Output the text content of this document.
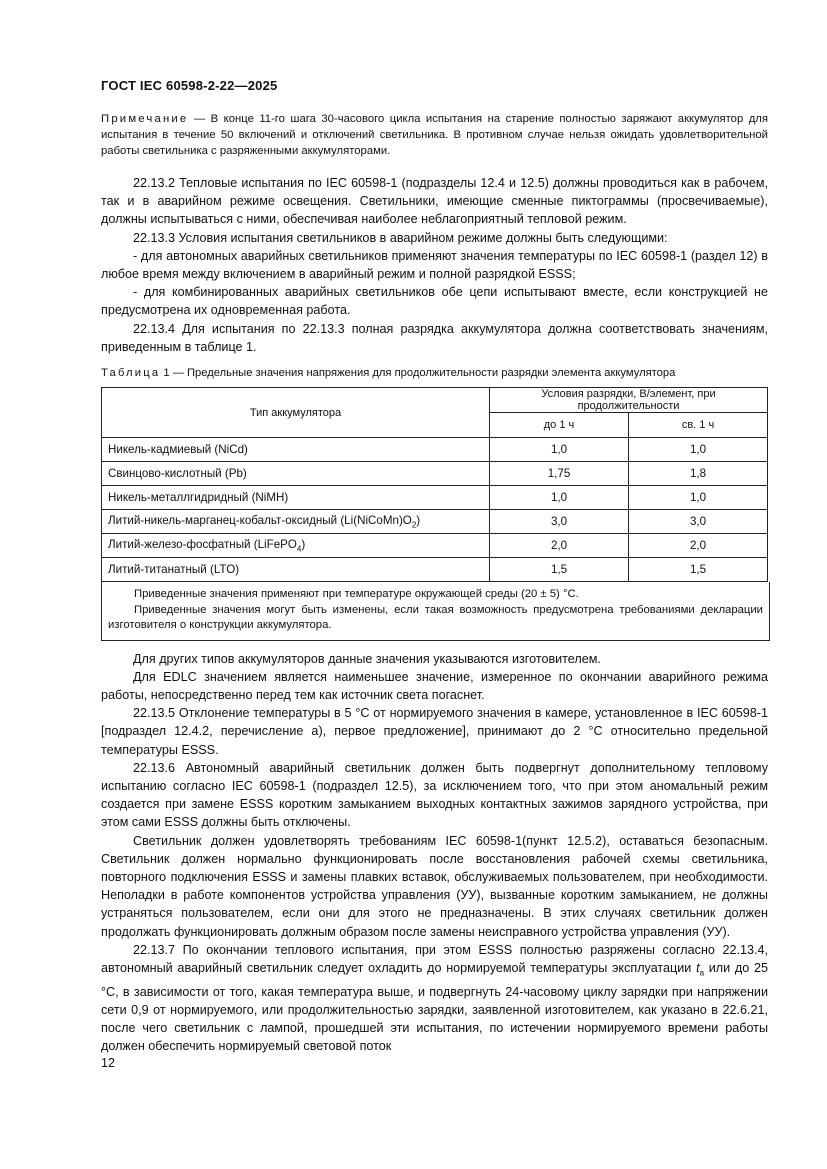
ГОСТ IEC 60598-2-22—2025

Примечание — В конце 11-го шага 30-часового цикла испытания на старение полностью заряжают аккумулятор для испытания в течение 50 включений и отключений светильника. В противном случае нельзя ожидать удовлетворительной работы светильника с разряженными аккумуляторами.

22.13.2 Тепловые испытания по IEC 60598-1 (подразделы 12.4 и 12.5) должны проводиться как в рабочем, так и в аварийном режиме освещения. Светильники, имеющие сменные пиктограммы (просвечиваемые), должны испытываться с ними, обеспечивая наиболее неблагоприятный тепловой режим.

22.13.3 Условия испытания светильников в аварийном режиме должны быть следующими:

- для автономных аварийных светильников применяют значения температуры по IEC 60598-1 (раздел 12) в любое время между включением в аварийный режим и полной разрядкой ESSS;

- для комбинированных аварийных светильников обе цепи испытывают вместе, если конструкцией не предусмотрена их одновременная работа.

22.13.4 Для испытания по 22.13.3 полная разрядка аккумулятора должна соответствовать значениям, приведенным в таблице 1.

Таблица 1 — Предельные значения напряжения для продолжительности разрядки элемента аккумулятора
Тип аккумулятора	Условия разрядки, В/элемент, при продолжительности	
	до 1 ч	св. 1 ч
Никель-кадмиевый (NiCd)	1,0	1,0
Свинцово-кислотный (Pb)	1,75	1,8
Никель-металлгидридный (NiMH)	1,0	1,0
Литий-никель-марганец-кобальт-оксидный $(Li(NiCoMn)O_2)$	3,0	3,0
Литий-железо-фосфатный (LiFePO$_4$)	2,0	2,0
Литий-титанатный (LTO)	1,5	1,5

Приведенные значения применяют при температуре окружающей среды (20 ± 5) °С.

Приведенные значения могут быть изменены, если такая возможность предусмотрена требованиями декларации изготовителя о конструкции аккумулятора.

Для других типов аккумуляторов данные значения указываются изготовителем.

Для EDLC значением является наименьшее значение, измеренное по окончании аварийного режима работы, непосредственно перед тем как источник света погаснет.

22.13.5 Отклонение температуры в 5 °С от нормируемого значения в камере, установленное в IEC 60598-1 [подраздел 12.4.2, перечисление а), первое предложение], принимают до 2 °С относительно предельной температуры ESSS.

22.13.6 Автономный аварийный светильник должен быть подвергнут дополнительному тепловому испытанию согласно IEC 60598-1 (подраздел 12.5), за исключением того, что при этом аномальный режим создается при замене ESSS коротким замыканием выходных контактных зажимов зарядного устройства, при этом сами ESSS должны быть отключены.

Светильник должен удовлетворять требованиям IEC 60598-1(пункт 12.5.2), оставаться безопасным. Светильник должен нормально функционировать после восстановления рабочей схемы светильника, повторного подключения ESSS и замены плавких вставок, обслуживаемых пользователем, при необходимости. Неполадки в работе компонентов устройства управления (УУ), вызванные коротким замыканием, не должны устраняться пользователем, если они для этого не предназначены. В этих случаях светильник должен продолжать функционировать должным образом после замены неисправного устройства управления (УУ).

22.13.7 По окончании теплового испытания, при этом ESSS полностью разряжены согласно 22.13.4, автономный аварийный светильник следует охладить до нормируемой температуры эксплуатации $t_a$ или до 25 °С, в зависимости от того, какая температура выше, и подвергнуть 24-часовому циклу зарядки при напряжении сети 0,9 от нормируемого, или продолжительностью зарядки, заявленной изготовителем, как указано в 22.6.21, после чего светильник с лампой, прошедшей эти испытания, по истечении нормируемого времени работы должен обеспечить нормируемый световой поток

12
